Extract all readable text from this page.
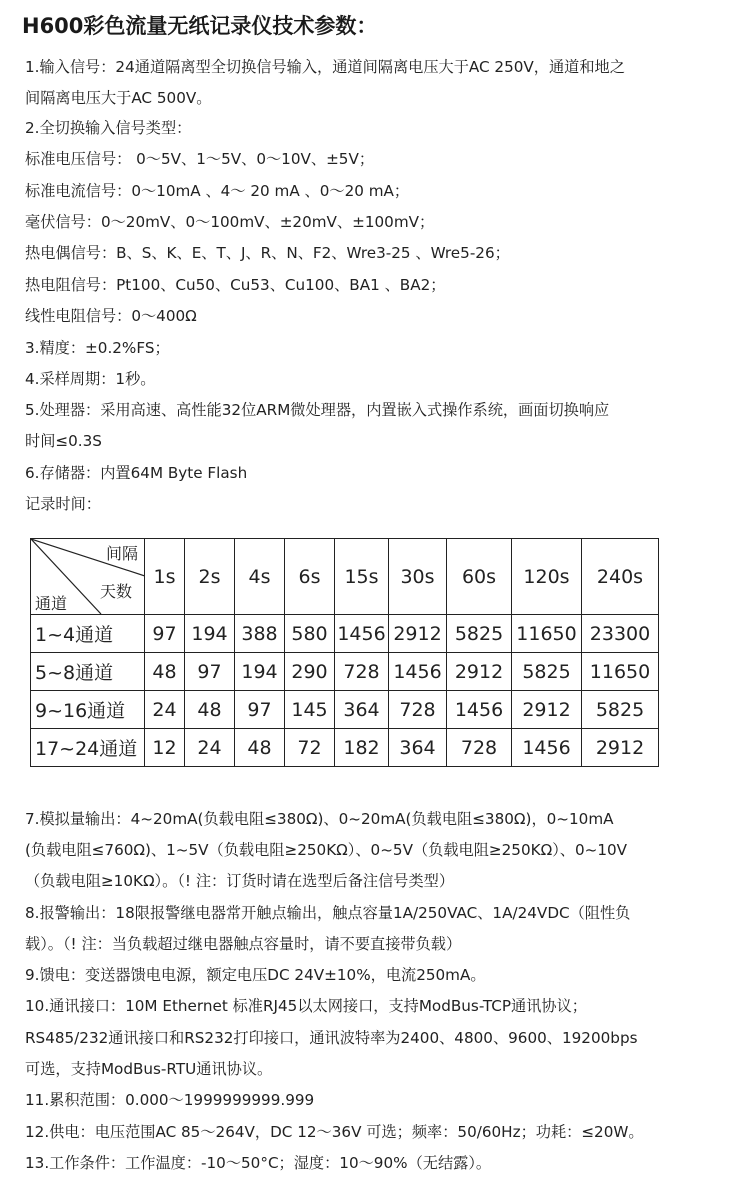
H600彩色流量无纸记录仪技术参数：
1.输入信号：24通道隔离型全切换信号输入，通道间隔离电压大于AC 250V，通道和地之
间隔离电压大于AC 500V。
2.全切换输入信号类型：
标准电压信号： 0～5V、1～5V、0～10V、±5V；
标准电流信号：0～10mA 、4～ 20 mA 、0～20 mA；
毫伏信号：0～20mV、0～100mV、±20mV、±100mV；
热电偶信号：B、S、K、E、T、J、R、N、F2、Wre3-25 、Wre5-26；
热电阻信号：Pt100、Cu50、Cu53、Cu100、BA1 、BA2；
线性电阻信号：0～400Ω
3.精度：±0.2%FS；
4.采样周期：1秒。
5.处理器：采用高速、高性能32位ARM微处理器，内置嵌入式操作系统，画面切换响应
时间≤0.3S
6.存储器：内置64M Byte Flash
记录时间：
间隔
天数
通道	1s	2s	4s	6s	15s	30s	60s	120s	240s
1~4通道	97	194	388	580	1456	2912	5825	11650	23300
5~8通道	48	97	194	290	728	1456	2912	5825	11650
9~16通道	24	48	97	145	364	728	1456	2912	5825
17~24通道	12	24	48	72	182	364	728	1456	2912
7.模拟量输出：4~20mA(负载电阻≤380Ω)、0~20mA(负载电阻≤380Ω)，0~10mA
(负载电阻≤760Ω)、1~5V（负载电阻≥250KΩ）、0~5V（负载电阻≥250KΩ）、0~10V
（负载电阻≥10KΩ）。（! 注：订货时请在选型后备注信号类型）
8.报警输出：18限报警继电器常开触点输出，触点容量1A/250VAC、1A/24VDC（阻性负
载）。（! 注：当负载超过继电器触点容量时，请不要直接带负载）
9.馈电：变送器馈电电源，额定电压DC 24V±10%，电流250mA。
10.通讯接口：10M Ethernet 标准RJ45以太网接口，支持ModBus-TCP通讯协议；
RS485/232通讯接口和RS232打印接口，通讯波特率为2400、4800、9600、19200bps
可选，支持ModBus-RTU通讯协议。
11.累积范围：0.000～1999999999.999
12.供电：电压范围AC 85～264V，DC 12～36V 可选；频率：50/60Hz；功耗：≤20W。
13.工作条件：工作温度：-10～50°C；湿度：10～90%（无结露）。
